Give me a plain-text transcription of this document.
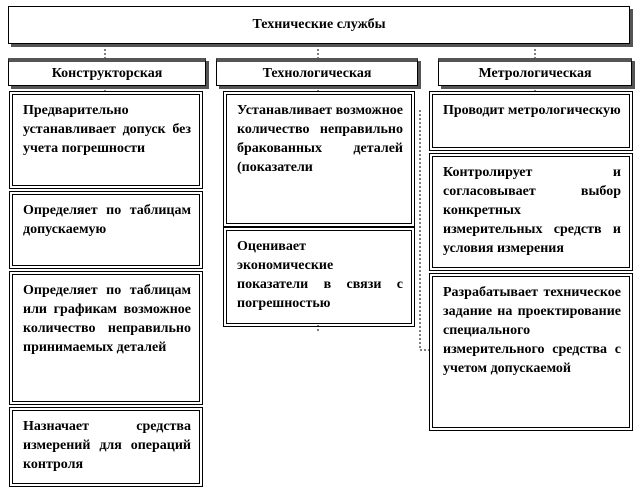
Технические службы
Конструкторская	Технологическая	Метрологическая
Предварительно устанавливает допуск без учета погрешности
Определяет по таблицам допускаемую
Определяет по таблицам или графикам возможное количество неправильно принимаемых деталей
Назначает средства измерений для операций контроля
Устанавливает возможное количество неправильно бракованных деталей (показатели
Оценивает экономические показатели в связи с погрешностью
Проводит метрологическую
Контролирует и согласовывает выбор конкретных измерительных средств и условия измерения
Разрабатывает техническое задание на проектирование специального измерительного средства с учетом допускаемой
